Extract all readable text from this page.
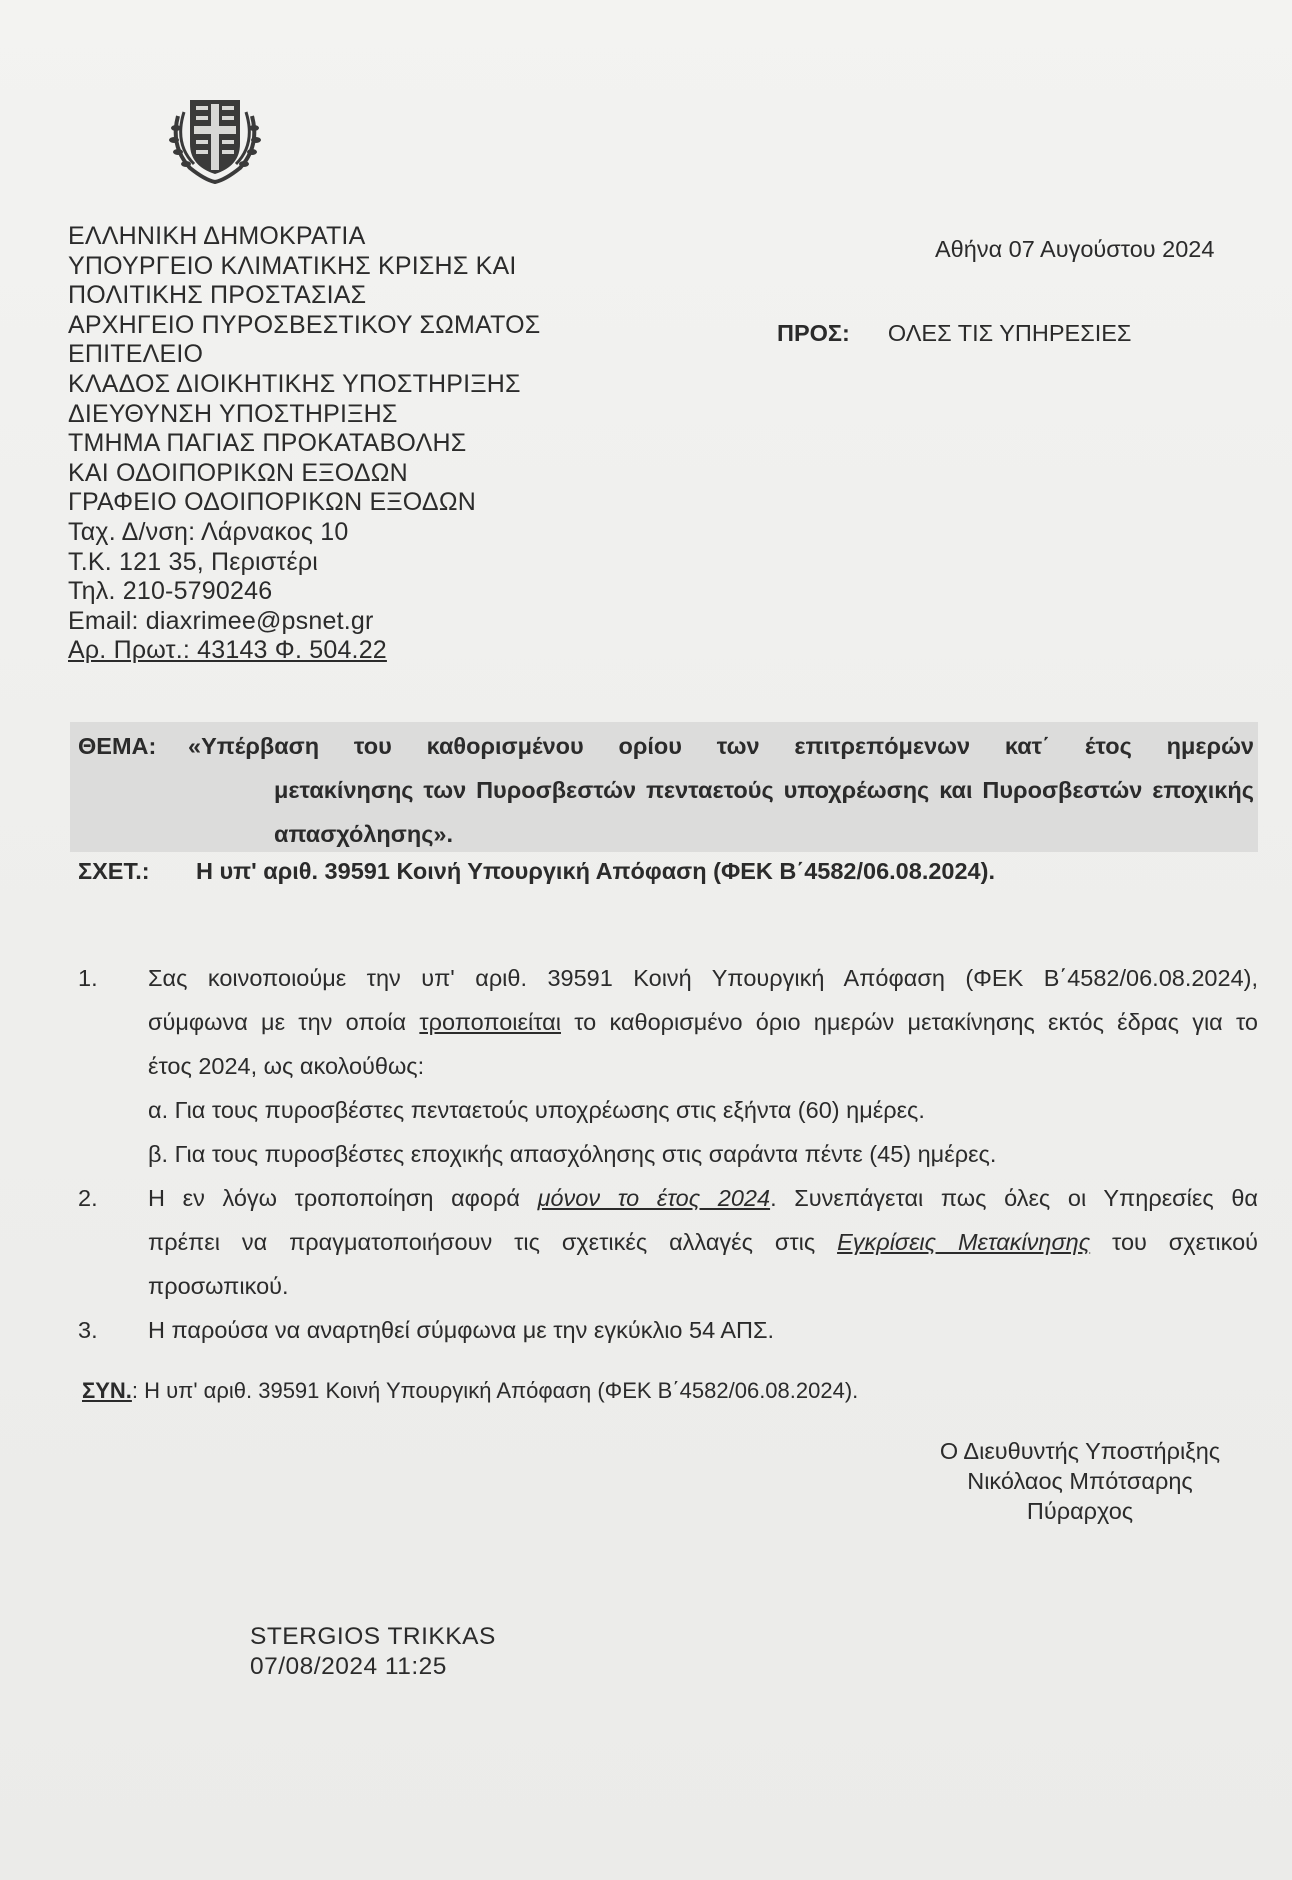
ΕΛΛΗΝΙΚΗ ΔΗΜΟΚΡΑΤΙΑ
ΥΠΟΥΡΓΕΙΟ ΚΛΙΜΑΤΙΚΗΣ ΚΡΙΣΗΣ ΚΑΙ
ΠΟΛΙΤΙΚΗΣ ΠΡΟΣΤΑΣΙΑΣ
ΑΡΧΗΓΕΙΟ ΠΥΡΟΣΒΕΣΤΙΚΟΥ ΣΩΜΑΤΟΣ
ΕΠΙΤΕΛΕΙΟ
ΚΛΑΔΟΣ ΔΙΟΙΚΗΤΙΚΗΣ ΥΠΟΣΤΗΡΙΞΗΣ
ΔΙΕΥΘΥΝΣΗ ΥΠΟΣΤΗΡΙΞΗΣ
ΤΜΗΜΑ ΠΑΓΙΑΣ ΠΡΟΚΑΤΑΒΟΛΗΣ
ΚΑΙ ΟΔΟΙΠΟΡΙΚΩΝ ΕΞΟΔΩΝ
ΓΡΑΦΕΙΟ ΟΔΟΙΠΟΡΙΚΩΝ ΕΞΟΔΩΝ
Ταχ. Δ/νση: Λάρνακος 10
Τ.Κ. 121 35, Περιστέρι
Τηλ. 210-5790246
Email: diaxrimee@psnet.gr
Αρ. Πρωτ.: 43143 Φ. 504.22
Αθήνα 07 Αυγούστου 2024
ΠΡΟΣ: ΟΛΕΣ ΤΙΣ ΥΠΗΡΕΣΙΕΣ
ΘΕΜΑ: «Υπέρβαση του καθορισμένου ορίου των επιτρεπόμενων κατ΄ έτος ημερών
μετακίνησης των Πυροσβεστών πενταετούς υποχρέωσης και Πυροσβεστών εποχικής
απασχόλησης».
ΣΧΕΤ.: Η υπ' αριθ. 39591 Κοινή Υπουργική Απόφαση (ΦΕΚ Β΄4582/06.08.2024).
1. Σας κοινοποιούμε την υπ' αριθ. 39591 Κοινή Υπουργική Απόφαση (ΦΕΚ Β΄4582/06.08.2024),
σύμφωνα με την οποία τροποποιείται το καθορισμένο όριο ημερών μετακίνησης εκτός έδρας για το
έτος 2024, ως ακολούθως:
α. Για τους πυροσβέστες πενταετούς υποχρέωσης στις εξήντα (60) ημέρες.
β. Για τους πυροσβέστες εποχικής απασχόλησης στις σαράντα πέντε (45) ημέρες.
2. Η εν λόγω τροποποίηση αφορά μόνον το έτος 2024. Συνεπάγεται πως όλες οι Υπηρεσίες θα
πρέπει να πραγματοποιήσουν τις σχετικές αλλαγές στις Εγκρίσεις Μετακίνησης του σχετικού
προσωπικού.
3. Η παρούσα να αναρτηθεί σύμφωνα με την εγκύκλιο 54 ΑΠΣ.
ΣΥΝ.: Η υπ' αριθ. 39591 Κοινή Υπουργική Απόφαση (ΦΕΚ Β΄4582/06.08.2024).
Ο Διευθυντής Υποστήριξης
Νικόλαος Μπότσαρης
Πύραρχος
STERGIOS TRIKKAS
07/08/2024 11:25
